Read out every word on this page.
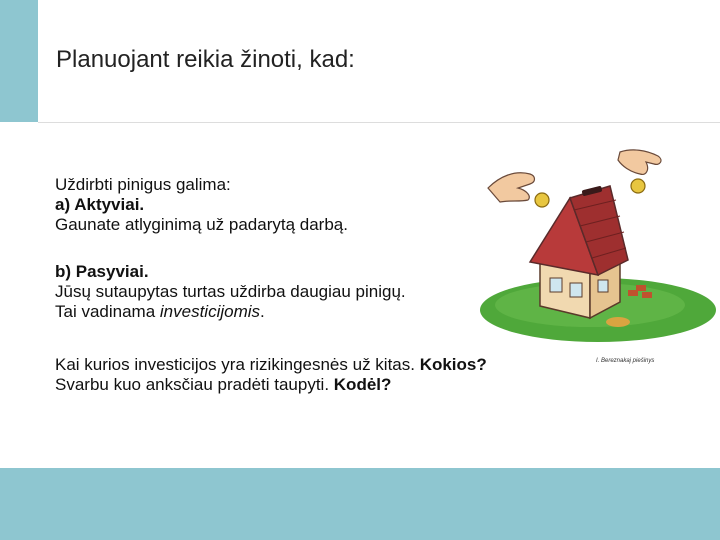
Planuojant reikia žinoti, kad:

Uždirbti pinigus galima:

a) Aktyviai.

Gaunate atlyginimą už padarytą darbą.

b) Pasyviai.

Jūsų sutaupytas turtas uždirba daugiau pinigų.

Tai vadinama investicijomis.

Kai kurios investicijos yra rizikingesnės už kitas. Kokios?

Svarbu kuo anksčiau pradėti taupyti. Kodėl?

I. Bereznakaj piešinys
